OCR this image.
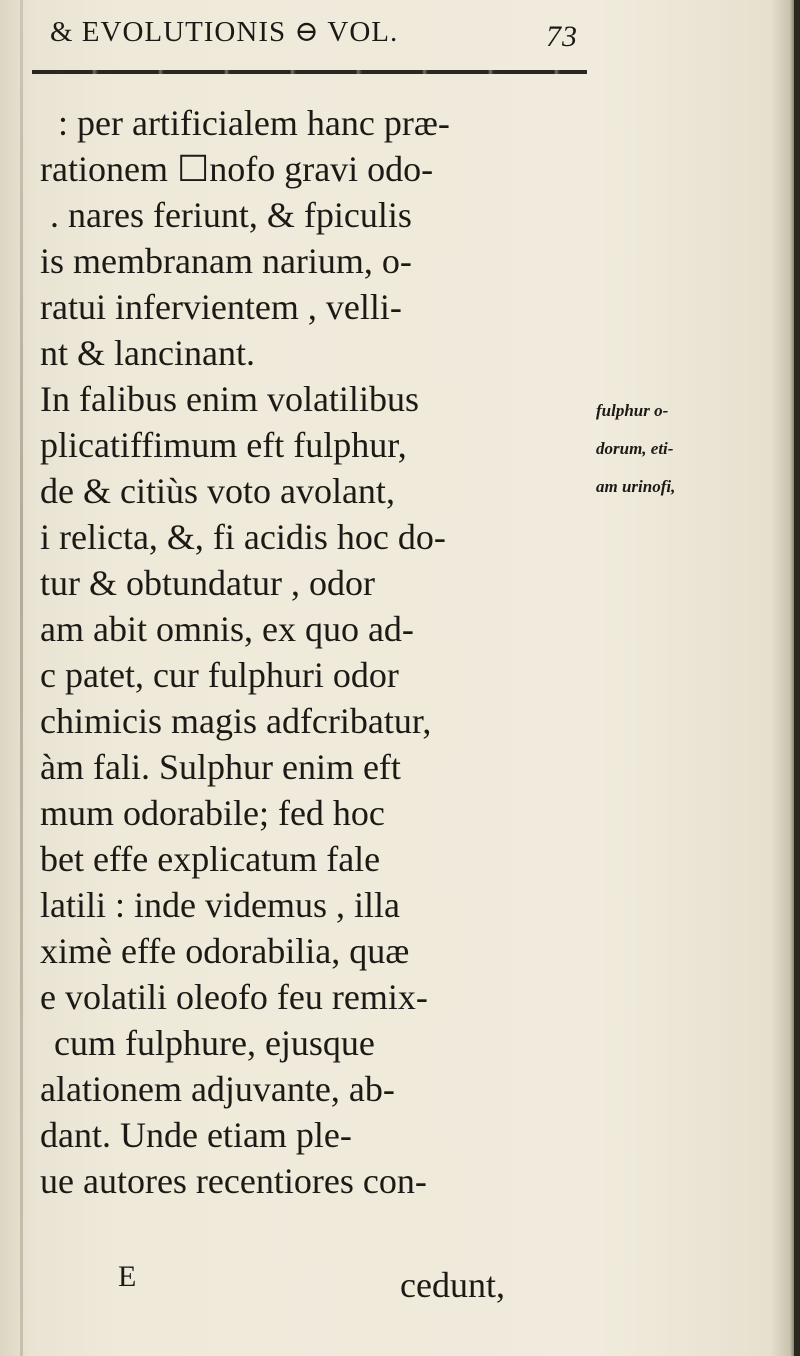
& EVOLUTIONIS ⊖ VOL.	73
: per artificialem hanc præ-
rationem ☐nofo gravi odo-
. nares feriunt, & fpiculis
is membranam narium, o-
ratui infervientem , velli-
nt & lancinant.
In falibus enim volatilibus
plicatiffimum eft fulphur,
de & citiùs voto avolant,
i relicta, &, fi acidis hoc do-
tur & obtundatur , odor
am abit omnis, ex quo ad-
c patet, cur fulphuri odor
chimicis magis adfcribatur,
àm fali. Sulphur enim eft
mum odorabile; fed hoc
bet effe explicatum fale
latili : inde videmus , illa
ximè effe odorabilia, quæ
e volatili oleofo feu remix-
cum fulphure, ejusque
alationem adjuvante, ab-
dant. Unde etiam ple-
ue autores recentiores con-
fulphur o-
dorum, eti-
am urinofi,
E	cedunt,
